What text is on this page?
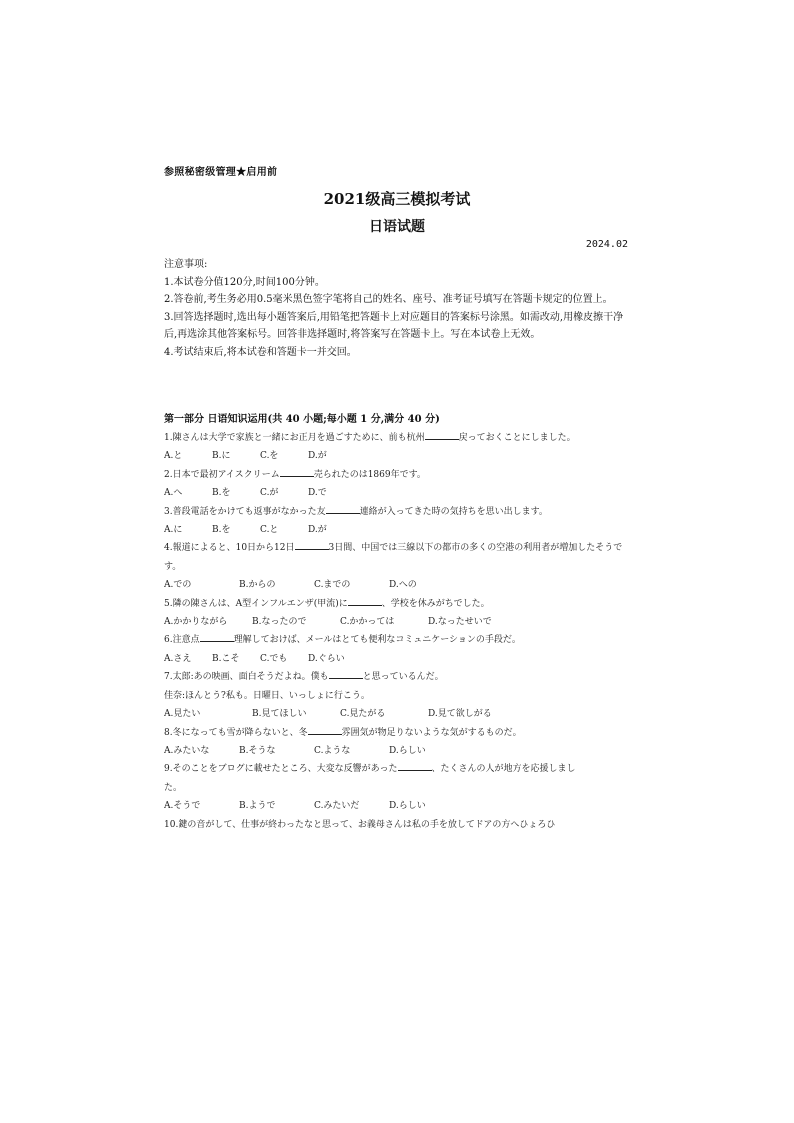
参照秘密级管理★启用前
2021级高三模拟考试
日语试题
2024.02

注意事项:

1.本试卷分值120分,时间100分钟。

2.答卷前,考生务必用0.5毫米黑色签字笔将自己的姓名、座号、准考证号填写在答题卡规定的位置上。

3.回答选择题时,选出每小题答案后,用铅笔把答题卡上对应题目的答案标号涂黑。如需改动,用橡皮擦干净后,再选涂其他答案标号。回答非选择题时,将答案写在答题卡上。写在本试卷上无效。

4.考试结束后,将本试卷和答题卡一并交回。

第一部分 日语知识运用(共 40 小题;每小题 1 分,满分 40 分)
1.陳さんは大学で家族と一緒にお正月を過ごすために、前も杭州	戻っておくことにしました。
A.と	B.に	C.を	D.が
2.日本で最初アイスクリーム	売られたのは1869年です。
A.へ	B.を	C.が	D.で
3.普段電話をかけても返事がなかった友	連絡が入ってきた時の気持ちを思い出します。
A.に	B.を	C.と	D.が
4.報道によると、10日から12日	3日間、中国では三線以下の都市の多くの空港の利用者が増加したそうです。
A.での	B.からの	C.までの	D.への
5.隣の陳さんは、A型インフルエンザ(甲流)に	、学校を休みがちでした。
A.かかりながら	B.なったので	C.かかっては	D.なったせいで
6.注意点	理解しておけば、メールはとても便利なコミュニケーションの手段だ。
A.さえ B.こそ C.でも D.ぐらい
7.太郎:あの映画、面白そうだよね。僕も	と思っているんだ。
佳奈:ほんとう?私も。日曜日、いっしょに行こう。
A.見たい	B.見てほしい	C.見たがる	D.見て欲しがる
8.冬になっても雪が降らないと、冬	雰囲気が物足りないような気がするものだ。
A.みたいな	B.そうな	C.ような	D.らしい
9.そのことをブログに載せたところ、大変な反響があった	、たくさんの人が地方を応援しまし
た。
A.そうで	B.ようで	C.みたいだ	D.らしい
10.鍵の音がして、仕事が終わったなと思って、お義母さんは私の手を放してドアの方へひょろひ
